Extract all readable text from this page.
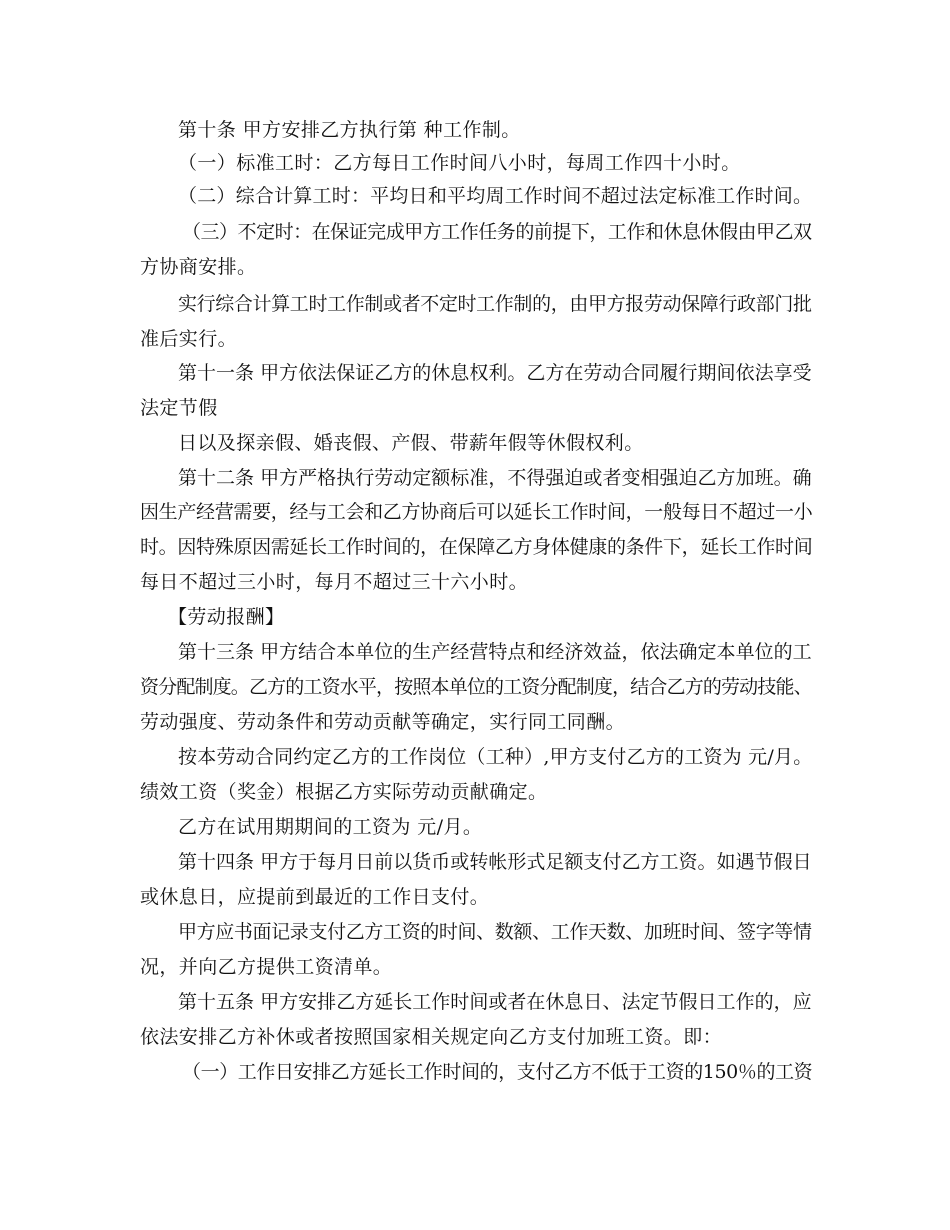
第十条 甲方安排乙方执行第 种工作制。
（一）标准工时：乙方每日工作时间八小时，每周工作四十小时。
（二）综合计算工时：平均日和平均周工作时间不超过法定标准工作时间。
（三）不定时：在保证完成甲方工作任务的前提下，工作和休息休假由甲乙双
方协商安排。
实行综合计算工时工作制或者不定时工作制的，由甲方报劳动保障行政部门批
准后实行。
第十一条 甲方依法保证乙方的休息权利。乙方在劳动合同履行期间依法享受
法定节假
日以及探亲假、婚丧假、产假、带薪年假等休假权利。
第十二条 甲方严格执行劳动定额标准，不得强迫或者变相强迫乙方加班。确
因生产经营需要，经与工会和乙方协商后可以延长工作时间，一般每日不超过一小
时。因特殊原因需延长工作时间的，在保障乙方身体健康的条件下，延长工作时间
每日不超过三小时，每月不超过三十六小时。
【劳动报酬】
第十三条 甲方结合本单位的生产经营特点和经济效益，依法确定本单位的工
资分配制度。乙方的工资水平，按照本单位的工资分配制度，结合乙方的劳动技能、
劳动强度、劳动条件和劳动贡献等确定，实行同工同酬。
按本劳动合同约定乙方的工作岗位（工种）,甲方支付乙方的工资为 元/月。
绩效工资（奖金）根据乙方实际劳动贡献确定。
乙方在试用期期间的工资为 元/月。
第十四条 甲方于每月日前以货币或转帐形式足额支付乙方工资。如遇节假日
或休息日，应提前到最近的工作日支付。
甲方应书面记录支付乙方工资的时间、数额、工作天数、加班时间、签字等情
况，并向乙方提供工资清单。
第十五条 甲方安排乙方延长工作时间或者在休息日、法定节假日工作的，应
依法安排乙方补休或者按照国家相关规定向乙方支付加班工资。即：
（一）工作日安排乙方延长工作时间的，支付乙方不低于工资的150％的工资
